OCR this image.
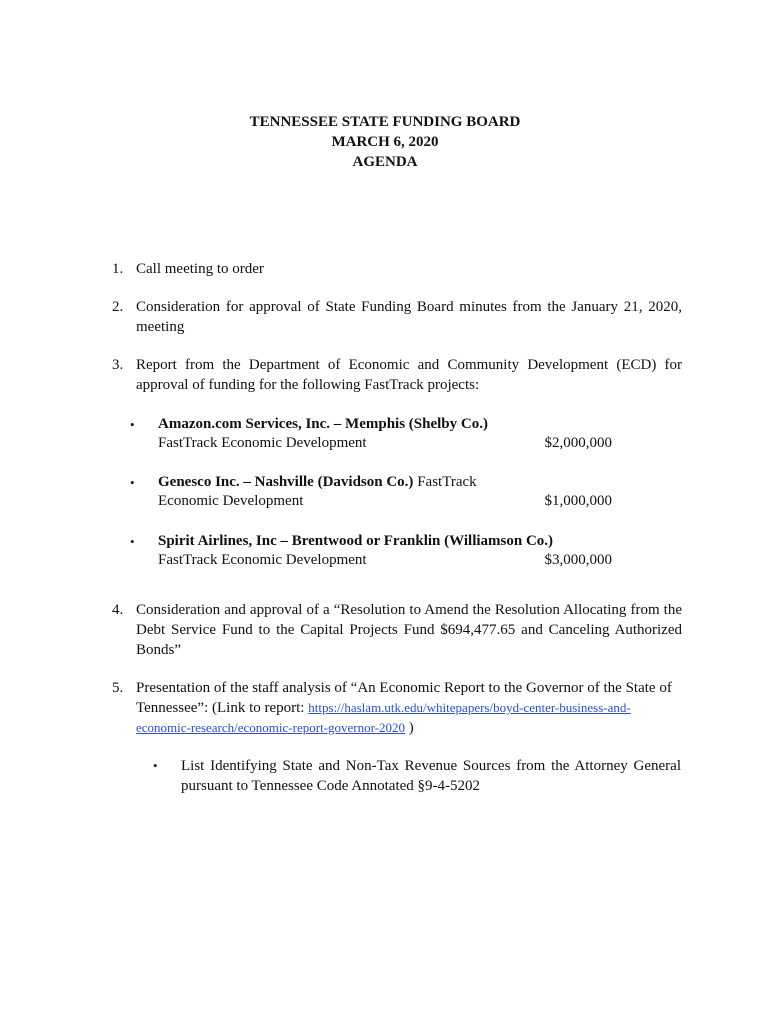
TENNESSEE STATE FUNDING BOARD
MARCH 6, 2020
AGENDA
1. Call meeting to order
2. Consideration for approval of State Funding Board minutes from the January 21, 2020, meeting
3. Report from the Department of Economic and Community Development (ECD) for approval of funding for the following FastTrack projects:
• Amazon.com Services, Inc. – Memphis (Shelby Co.)
FastTrack Economic Development	$2,000,000
• Genesco Inc. – Nashville (Davidson Co.) FastTrack
Economic Development	$1,000,000
• Spirit Airlines, Inc – Brentwood or Franklin (Williamson Co.)
FastTrack Economic Development	$3,000,000
4. Consideration and approval of a “Resolution to Amend the Resolution Allocating from the Debt Service Fund to the Capital Projects Fund $694,477.65 and Canceling Authorized Bonds”
5. Presentation of the staff analysis of “An Economic Report to the Governor of the State of Tennessee”: (Link to report: https://haslam.utk.edu/whitepapers/boyd-center-business-and-
economic-research/economic-report-governor-2020 )
• List Identifying State and Non-Tax Revenue Sources from the Attorney General pursuant to Tennessee Code Annotated §9-4-5202
